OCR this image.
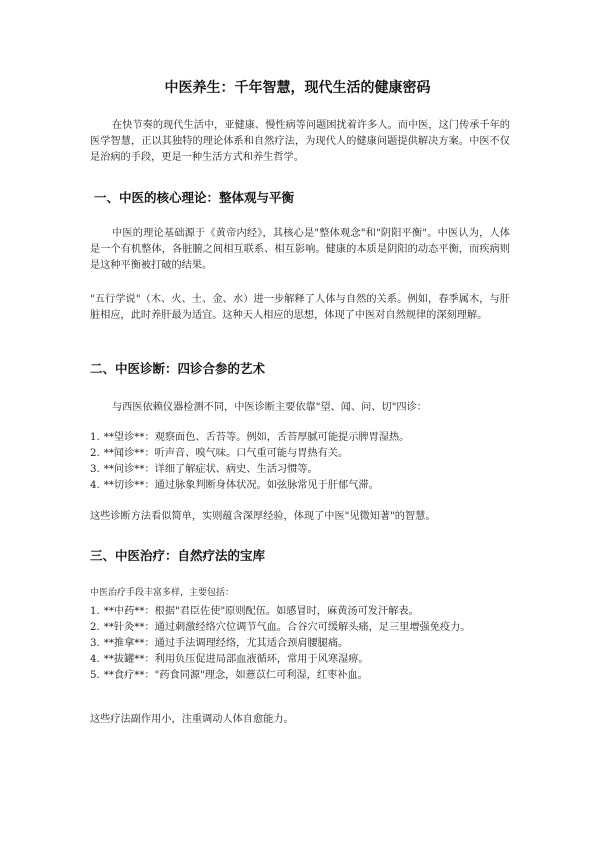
中医养生：千年智慧，现代生活的健康密码

在快节奏的现代生活中，亚健康、慢性病等问题困扰着许多人。而中医，这门传承千年的医学智慧，正以其独特的理论体系和自然疗法，为现代人的健康问题提供解决方案。中医不仅是治病的手段，更是一种生活方式和养生哲学。

一、中医的核心理论：整体观与平衡

中医的理论基础源于《黄帝内经》，其核心是"整体观念"和"阴阳平衡"。中医认为，人体是一个有机整体，各脏腑之间相互联系、相互影响。健康的本质是阴阳的动态平衡，而疾病则是这种平衡被打破的结果。

"五行学说"（木、火、土、金、水）进一步解释了人体与自然的关系。例如，春季属木，与肝脏相应，此时养肝最为适宜。这种天人相应的思想，体现了中医对自然规律的深刻理解。

二、中医诊断：四诊合参的艺术

与西医依赖仪器检测不同，中医诊断主要依靠"望、闻、问、切"四诊：

1. **望诊**：观察面色、舌苔等。例如，舌苔厚腻可能提示脾胃湿热。
2. **闻诊**：听声音、嗅气味。口气重可能与胃热有关。
3. **问诊**：详细了解症状、病史、生活习惯等。
4. **切诊**：通过脉象判断身体状况。如弦脉常见于肝郁气滞。

这些诊断方法看似简单，实则蕴含深厚经验，体现了中医"见微知著"的智慧。

三、中医治疗：自然疗法的宝库

中医治疗手段丰富多样，主要包括：

1. **中药**：根据"君臣佐使"原则配伍。如感冒时，麻黄汤可发汗解表。
2. **针灸**：通过刺激经络穴位调节气血。合谷穴可缓解头痛，足三里增强免疫力。
3. **推拿**：通过手法调理经络，尤其适合颈肩腰腿痛。
4. **拔罐**：利用负压促进局部血液循环，常用于风寒湿痹。
5. **食疗**："药食同源"理念，如薏苡仁可利湿，红枣补血。

这些疗法副作用小，注重调动人体自愈能力。
